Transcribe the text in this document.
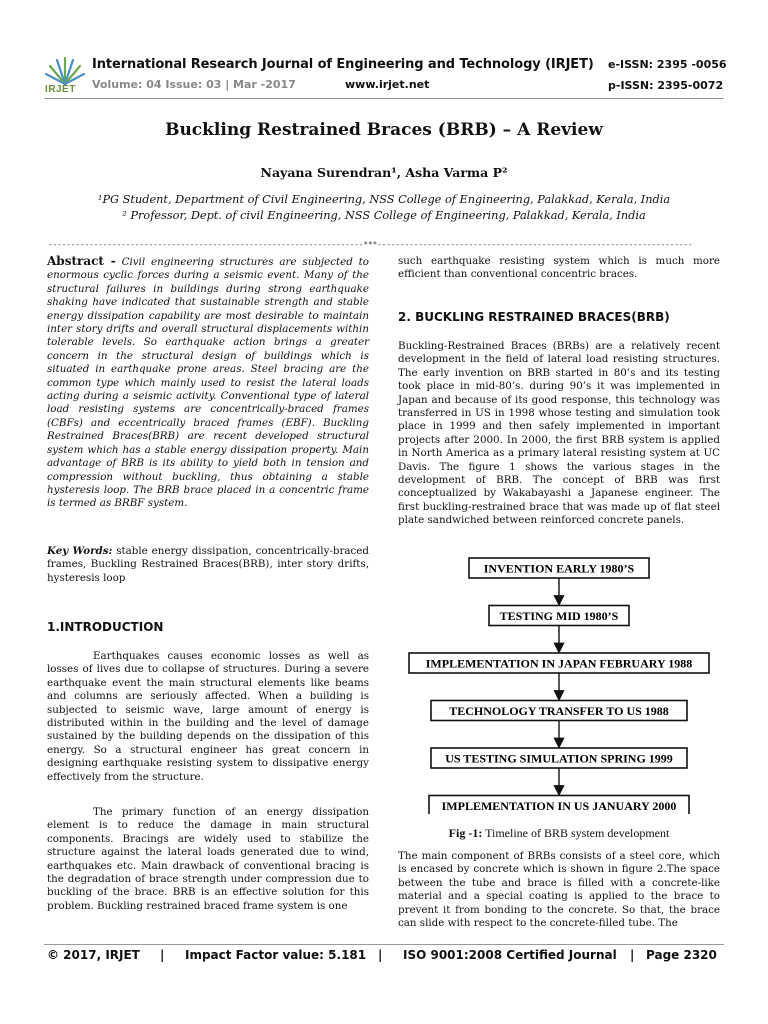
IRJET
International Research Journal of Engineering and Technology (IRJET)
Volume: 04 Issue: 03 | Mar -2017	www.irjet.net
e-ISSN: 2395 -0056
p-ISSN: 2395-0072
Buckling Restrained Braces (BRB) – A Review
Nayana Surendran¹, Asha Varma P²
¹PG Student, Department of Civil Engineering, NSS College of Engineering, Palakkad, Kerala, India
² Professor, Dept. of civil Engineering, NSS College of Engineering, Palakkad, Kerala, India
---------------------------------------------------------------------***---------------------------------------------------------------------

Abstract - Civil engineering structures are subjected to enormous cyclic forces during a seismic event. Many of the structural failures in buildings during strong earthquake shaking have indicated that sustainable strength and stable energy dissipation capability are most desirable to maintain inter story drifts and overall structural displacements within tolerable levels. So earthquake action brings a greater concern in the structural design of buildings which is situated in earthquake prone areas. Steel bracing are the common type which mainly used to resist the lateral loads acting during a seismic activity. Conventional type of lateral load resisting systems are concentrically-braced frames (CBFs) and eccentrically braced frames (EBF). Buckling Restrained Braces(BRB) are recent developed structural system which has a stable energy dissipation property. Main advantage of BRB is its ability to yield both in tension and compression without buckling, thus obtaining a stable hysteresis loop. The BRB brace placed in a concentric frame is termed as BRBF system.

Key Words: stable energy dissipation, concentrically-braced frames, Buckling Restrained Braces(BRB), inter story drifts, hysteresis loop

1.INTRODUCTION

Earthquakes causes economic losses as well as losses of lives due to collapse of structures. During a severe earthquake event the main structural elements like beams and columns are seriously affected. When a building is subjected to seismic wave, large amount of energy is distributed within in the building and the level of damage sustained by the building depends on the dissipation of this energy. So a structural engineer has great concern in designing earthquake resisting system to dissipative energy effectively from the structure.

The primary function of an energy dissipation element is to reduce the damage in main structural components. Bracings are widely used to stabilize the structure against the lateral loads generated due to wind, earthquakes etc. Main drawback of conventional bracing is the degradation of brace strength under compression due to buckling of the brace. BRB is an effective solution for this problem. Buckling restrained braced frame system is one

such earthquake resisting system which is much more efficient than conventional concentric braces.

2. BUCKLING RESTRAINED BRACES(BRB)

Buckling-Restrained Braces (BRBs) are a relatively recent development in the field of lateral load resisting structures. The early invention on BRB started in 80’s and its testing took place in mid-80’s. during 90’s it was implemented in Japan and because of its good response, this technology was transferred in US in 1998 whose testing and simulation took place in 1999 and then safely implemented in important projects after 2000. In 2000, the first BRB system is applied in North America as a primary lateral resisting system at UC Davis. The figure 1 shows the various stages in the development of BRB. The concept of BRB was first conceptualized by Wakabayashi a Japanese engineer. The first buckling-restrained brace that was made up of flat steel plate sandwiched between reinforced concrete panels.

INVENTION EARLY 1980’S
TESTING MID 1980’S
IMPLEMENTATION IN JAPAN FEBRUARY 1988
TECHNOLOGY TRANSFER TO US 1988
US TESTING SIMULATION SPRING 1999
IMPLEMENTATION IN US JANUARY 2000
Fig -1: Timeline of BRB system development

The main component of BRBs consists of a steel core, which is encased by concrete which is shown in figure 2.The space between the tube and brace is filled with a concrete-like material and a special coating is applied to the brace to prevent it from bonding to the concrete. So that, the brace can slide with respect to the concrete-filled tube. The

© 2017, IRJET | Impact Factor value: 5.181 | ISO 9001:2008 Certified Journal | Page 2320
